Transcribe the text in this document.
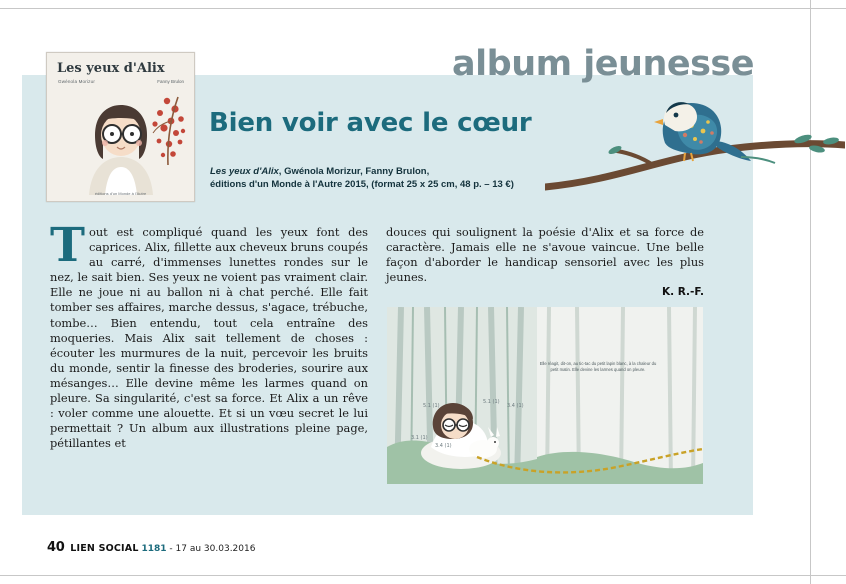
album jeunesse
Les yeux d'Alix
Gwénola Morizur	Fanny Brulon
éditions d'un Monde à l'Autre
Bien voir avec le cœur
Les yeux d'Alix, Gwénola Morizur, Fanny Brulon,
éditions d'un Monde à l'Autre 2015, (format 25 x 25 cm, 48 p. – 13 €)
Tout est compliqué quand les yeux font des caprices. Alix, fillette aux cheveux bruns coupés au carré, d'immenses lunettes rondes sur le nez, le sait bien. Ses yeux ne voient pas vraiment clair. Elle ne joue ni au ballon ni à chat perché. Elle fait tomber ses affaires, marche dessus, s'agace, trébuche, tombe… Bien entendu, tout cela entraîne des moqueries. Mais Alix sait tellement de choses : écouter les murmures de la nuit, percevoir les bruits du monde, sentir la finesse des broderies, sourire aux mésanges… Elle devine même les larmes quand on pleure. Sa singularité, c'est sa force. Et Alix a un rêve : voler comme une alouette. Et si un vœu secret le lui permettait ? Un album aux illustrations pleine page, pétillantes et
douces qui soulignent la poésie d'Alix et sa force de caractère. Jamais elle ne s'avoue vaincue. Une belle façon d'aborder le handicap sensoriel avec les plus jeunes.
K. R.-F.
5.1 (1)
3.1 (1)
3.4 (1)
5.1 (1)
3.4 (1)
Elle réagit, dit-on, au tic-tac du petit lapin blanc, à la chaleur du petit matin. Elle devine les larmes quand on pleure.
40 LIEN SOCIAL 1181 - 17 au 30.03.2016
